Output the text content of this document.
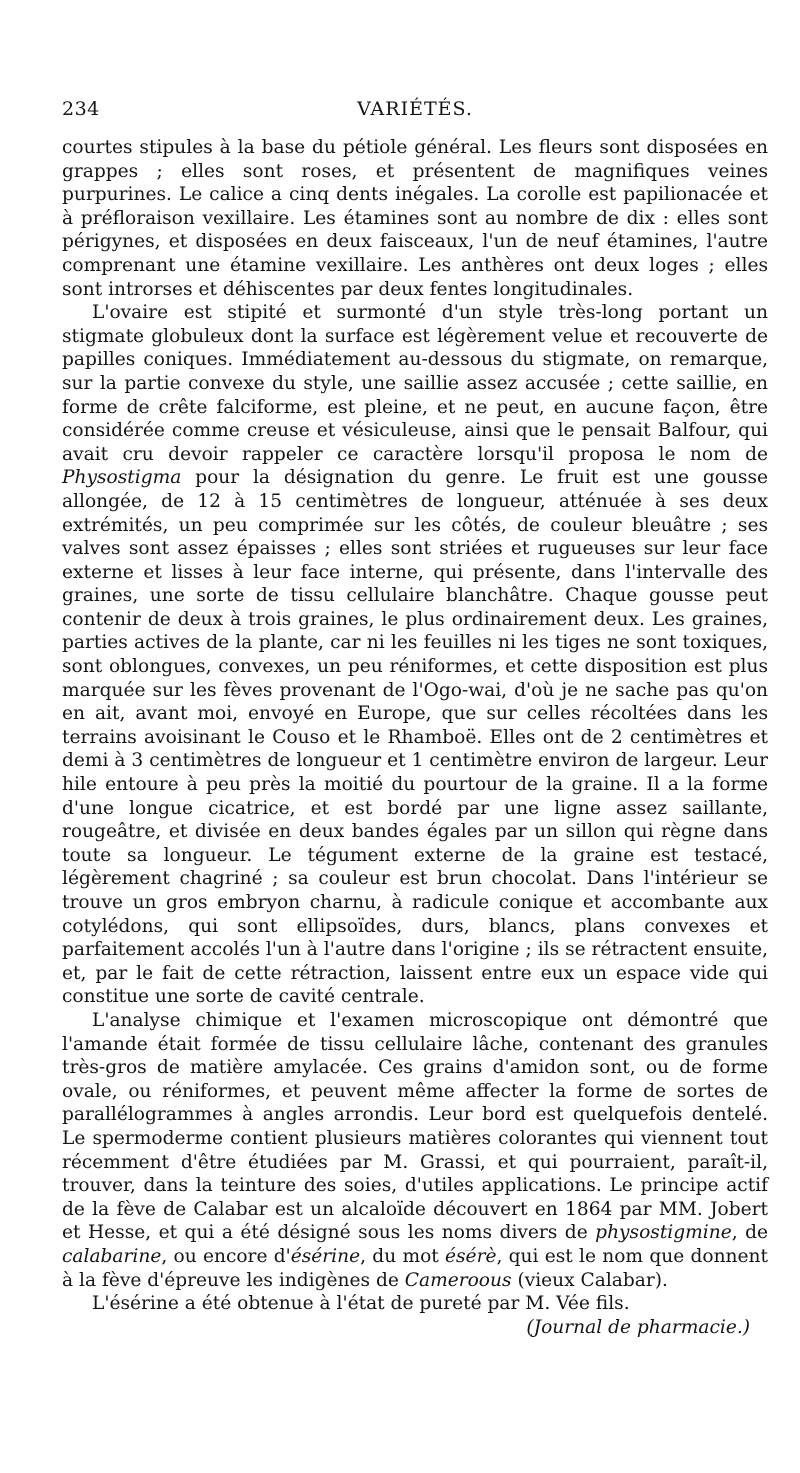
234	VARIÉTÉS.

courtes stipules à la base du pétiole général. Les fleurs sont disposées en grappes ; elles sont roses, et présentent de magnifiques veines purpurines. Le calice a cinq dents inégales. La corolle est papilionacée et à préfloraison vexillaire. Les étamines sont au nombre de dix : elles sont périgynes, et disposées en deux faisceaux, l'un de neuf étamines, l'autre comprenant une étamine vexillaire. Les anthères ont deux loges ; elles sont introrses et déhiscentes par deux fentes longitudinales.

L'ovaire est stipité et surmonté d'un style très-long portant un stigmate globuleux dont la surface est légèrement velue et recouverte de papilles coniques. Immédiatement au-dessous du stigmate, on remarque, sur la partie convexe du style, une saillie assez accusée ; cette saillie, en forme de crête falciforme, est pleine, et ne peut, en aucune façon, être considérée comme creuse et vésiculeuse, ainsi que le pensait Balfour, qui avait cru devoir rappeler ce caractère lorsqu'il proposa le nom de Physostigma pour la désignation du genre. Le fruit est une gousse allongée, de 12 à 15 centimètres de longueur, atténuée à ses deux extrémités, un peu comprimée sur les côtés, de couleur bleuâtre ; ses valves sont assez épaisses ; elles sont striées et rugueuses sur leur face externe et lisses à leur face interne, qui présente, dans l'intervalle des graines, une sorte de tissu cellulaire blanchâtre. Chaque gousse peut contenir de deux à trois graines, le plus ordinairement deux. Les graines, parties actives de la plante, car ni les feuilles ni les tiges ne sont toxiques, sont oblongues, convexes, un peu réniformes, et cette disposition est plus marquée sur les fèves provenant de l'Ogo-wai, d'où je ne sache pas qu'on en ait, avant moi, envoyé en Europe, que sur celles récoltées dans les terrains avoisinant le Couso et le Rhamboë. Elles ont de 2 centimètres et demi à 3 centimètres de longueur et 1 centimètre environ de largeur. Leur hile entoure à peu près la moitié du pourtour de la graine. Il a la forme d'une longue cicatrice, et est bordé par une ligne assez saillante, rougeâtre, et divisée en deux bandes égales par un sillon qui règne dans toute sa longueur. Le tégument externe de la graine est testacé, légèrement chagriné ; sa couleur est brun chocolat. Dans l'intérieur se trouve un gros embryon charnu, à radicule conique et accombante aux cotylédons, qui sont ellipsoïdes, durs, blancs, plans convexes et parfaitement accolés l'un à l'autre dans l'origine ; ils se rétractent ensuite, et, par le fait de cette rétraction, laissent entre eux un espace vide qui constitue une sorte de cavité centrale.

L'analyse chimique et l'examen microscopique ont démontré que l'amande était formée de tissu cellulaire lâche, contenant des granules très-gros de matière amylacée. Ces grains d'amidon sont, ou de forme ovale, ou réniformes, et peuvent même affecter la forme de sortes de parallélogrammes à angles arrondis. Leur bord est quelquefois dentelé. Le spermoderme contient plusieurs matières colorantes qui viennent tout récemment d'être étudiées par M. Grassi, et qui pourraient, paraît-il, trouver, dans la teinture des soies, d'utiles applications. Le principe actif de la fève de Calabar est un alcaloïde découvert en 1864 par MM. Jobert et Hesse, et qui a été désigné sous les noms divers de physostigmine, de calabarine, ou encore d'ésérine, du mot ésérè, qui est le nom que donnent à la fève d'épreuve les indigènes de Cameroous (vieux Calabar).

L'ésérine a été obtenue à l'état de pureté par M. Vée fils.

(Journal de pharmacie.)
